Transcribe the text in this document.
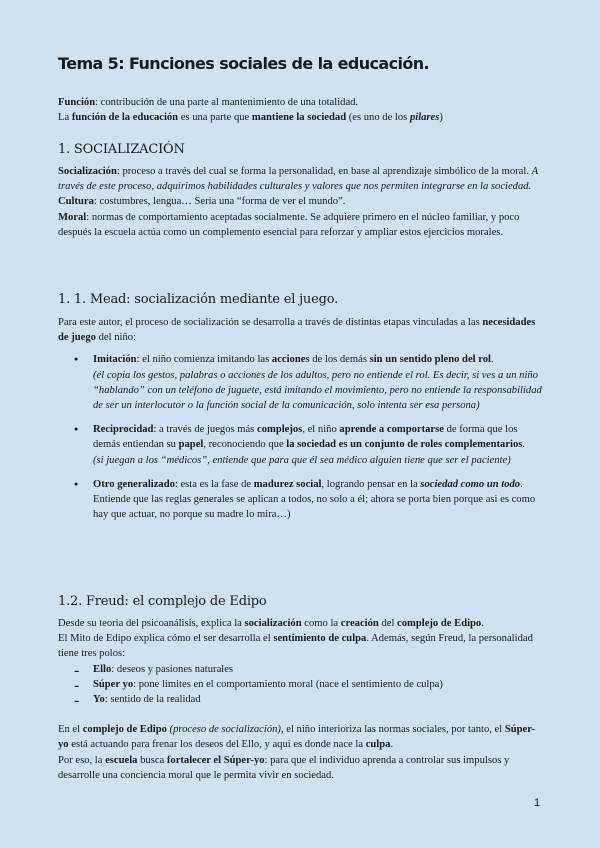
Tema 5: Funciones sociales de la educación.

Función: contribución de una parte al mantenimiento de una totalidad.

La función de la educación es una parte que mantiene la sociedad (es uno de los pilares)

1. SOCIALIZACIÓN

Socialización: proceso a través del cual se forma la personalidad, en base al aprendizaje simbólico de la moral. A través de este proceso, adquirimos habilidades culturales y valores que nos permiten integrarse en la sociedad.

Cultura: costumbres, lengua… Seria una “forma de ver el mundo”.

Moral: normas de comportamiento aceptadas socialmente. Se adquiere primero en el núcleo familiar, y poco después la escuela actúa como un complemento esencial para reforzar y ampliar estos ejercicios morales.

1. 1. Mead: socialización mediante el juego.

Para este autor, el proceso de socialización se desarrolla a través de distintas etapas vinculadas a las necesidades de juego del niño:

● Imitación: el niño comienza imitando las acciones de los demás sin un sentido pleno del rol.

(él copia los gestos, palabras o acciones de los adultos, pero no entiende el rol. Es decir, si ves a un niño “hablando” con un teléfono de juguete, está imitando el movimiento, pero no entiende la responsabilidad de ser un interlocutor o la función social de la comunicación, solo intenta ser esa persona)

● Reciprocidad: a través de juegos más complejos, el niño aprende a comportarse de forma que los demás entiendan su papel, reconociendo que la sociedad es un conjunto de roles complementarios.

(si juegan a los “médicos”, entiende que para que él sea médico alguien tiene que ser el paciente)

● Otro generalizado: esta es la fase de madurez social, logrando pensar en la sociedad como un todo.

Entiende que las reglas generales se aplican a todos, no solo a él; ahora se porta bien porque asi es como hay que actuar, no porque su madre lo mira…)

1.2. Freud: el complejo de Edipo

Desde su teoria del psicoanálisis, explica la socialización como la creación del complejo de Edipo.

El Mito de Edipo explica cómo el ser desarrolla el sentimiento de culpa. Además, según Freud, la personalidad tiene tres polos:

- Ello: deseos y pasiones naturales

- Súper yo: pone limites en el comportamiento moral (nace el sentimiento de culpa)

- Yo: sentido de la realidad

En el complejo de Edipo (proceso de socialización), el niño interioriza las normas sociales, por tanto, el Súper-yo está actuando para frenar los deseos del Ello, y aqui es donde nace la culpa.

Por eso, la escuela busca fortalecer el Súper-yo: para que el individuo aprenda a controlar sus impulsos y desarrolle una conciencia moral que le permita vivir en sociedad.

1
